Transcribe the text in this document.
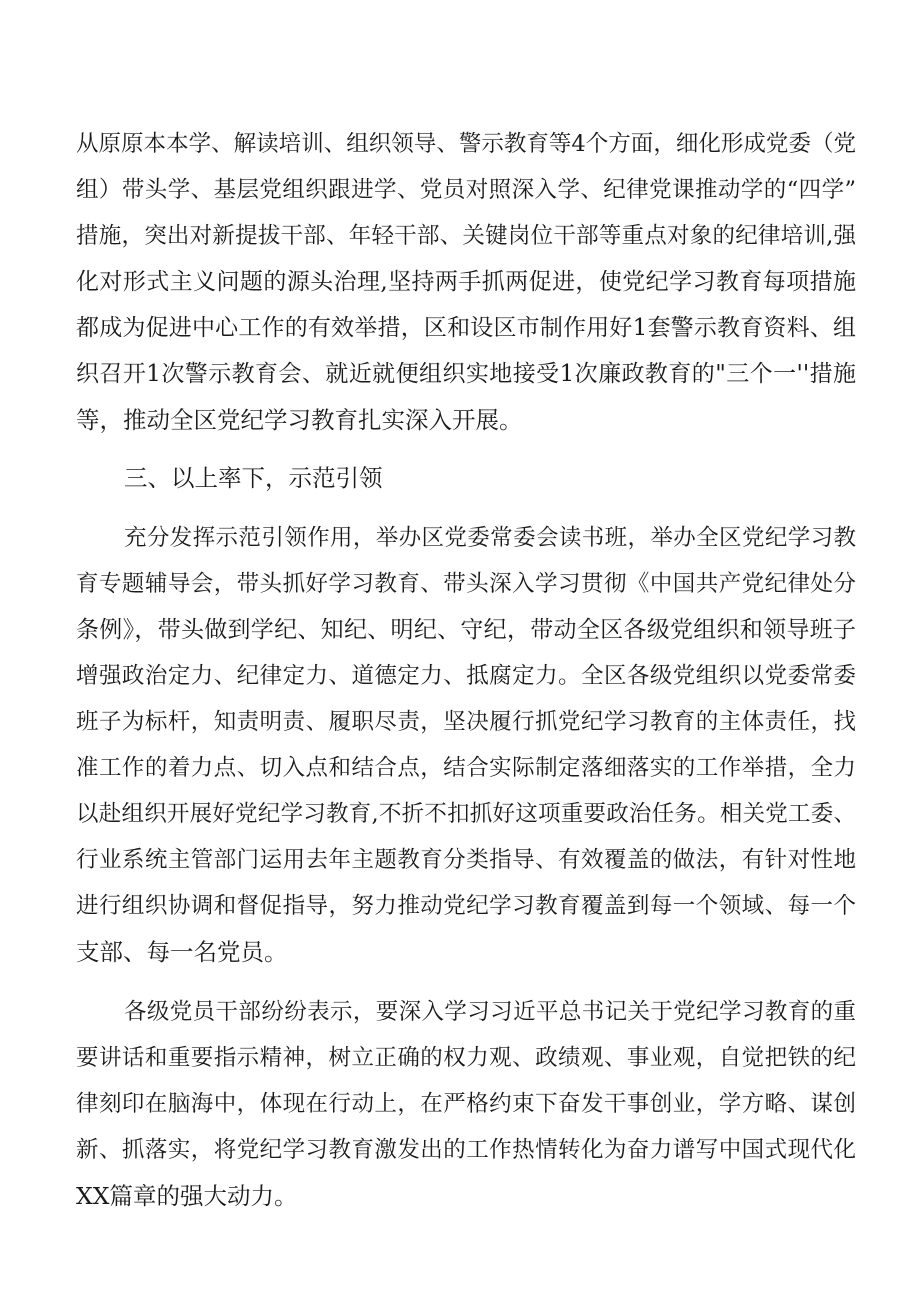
从原原本本学、解读培训、组织领导、警示教育等4个方面，细化形成党委（党
组）带头学、基层党组织跟进学、党员对照深入学、纪律党课推动学的“四学”
措施，突出对新提拔干部、年轻干部、关键岗位干部等重点对象的纪律培训,强
化对形式主义问题的源头治理,坚持两手抓两促进，使党纪学习教育每项措施
都成为促进中心工作的有效举措，区和设区市制作用好1套警示教育资料、组
织召开1次警示教育会、就近就便组织实地接受1次廉政教育的"三个一''措施
等，推动全区党纪学习教育扎实深入开展。
三、以上率下，示范引领
充分发挥示范引领作用，举办区党委常委会读书班，举办全区党纪学习教
育专题辅导会，带头抓好学习教育、带头深入学习贯彻《中国共产党纪律处分
条例》，带头做到学纪、知纪、明纪、守纪，带动全区各级党组织和领导班子
增强政治定力、纪律定力、道德定力、抵腐定力。全区各级党组织以党委常委
班子为标杆，知责明责、履职尽责，坚决履行抓党纪学习教育的主体责任，找
准工作的着力点、切入点和结合点，结合实际制定落细落实的工作举措，全力
以赴组织开展好党纪学习教育,不折不扣抓好这项重要政治任务。相关党工委、
行业系统主管部门运用去年主题教育分类指导、有效覆盖的做法，有针对性地
进行组织协调和督促指导，努力推动党纪学习教育覆盖到每一个领域、每一个
支部、每一名党员。
各级党员干部纷纷表示，要深入学习习近平总书记关于党纪学习教育的重
要讲话和重要指示精神，树立正确的权力观、政绩观、事业观，自觉把铁的纪
律刻印在脑海中，体现在行动上，在严格约束下奋发干事创业，学方略、谋创
新、抓落实，将党纪学习教育激发出的工作热情转化为奋力谱写中国式现代化
XX篇章的强大动力。
